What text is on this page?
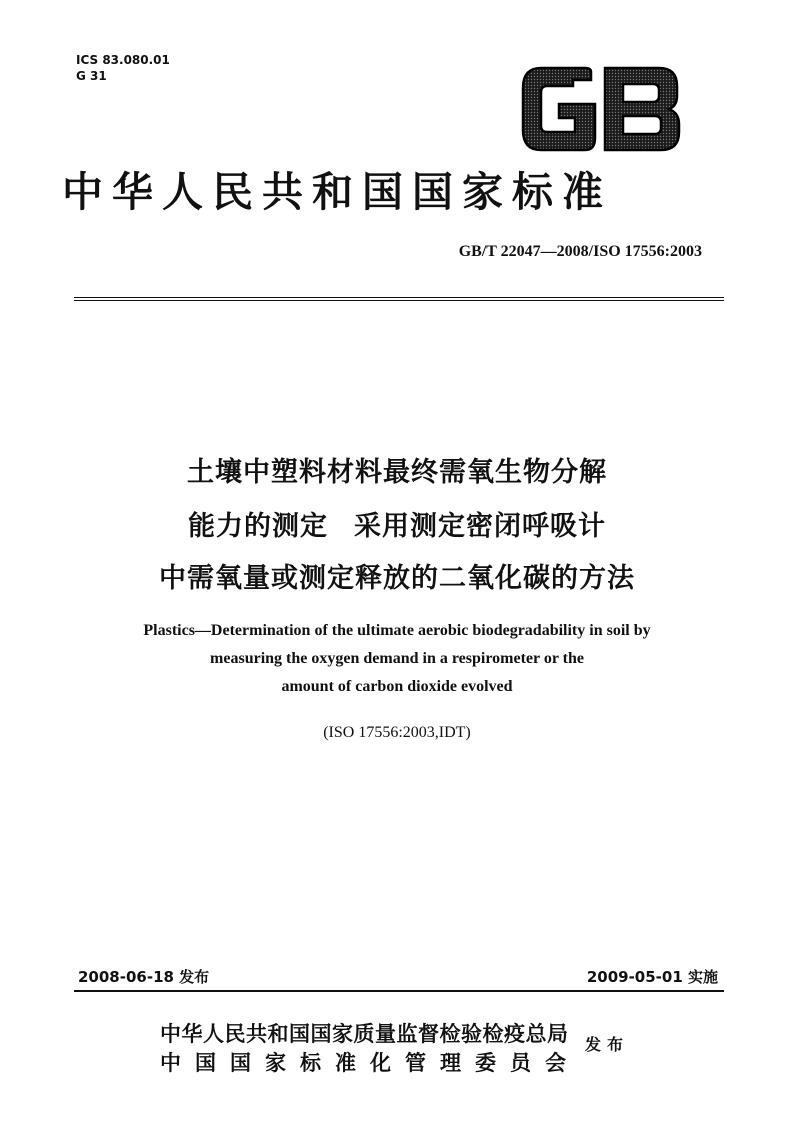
ICS 83.080.01
G 31
中华人民共和国国家标准
GB/T 22047—2008/ISO 17556:2003
土壤中塑料材料最终需氧生物分解
能力的测定 采用测定密闭呼吸计
中需氧量或测定释放的二氧化碳的方法
Plastics—Determination of the ultimate aerobic biodegradability in soil by
measuring the oxygen demand in a respirometer or the
amount of carbon dioxide evolved
(ISO 17556:2003,IDT)
2008-06-18 发布	2009-05-01 实施
中华人民共和国国家质量监督检验检疫总局
中国国家标准化管理委员会
发布
